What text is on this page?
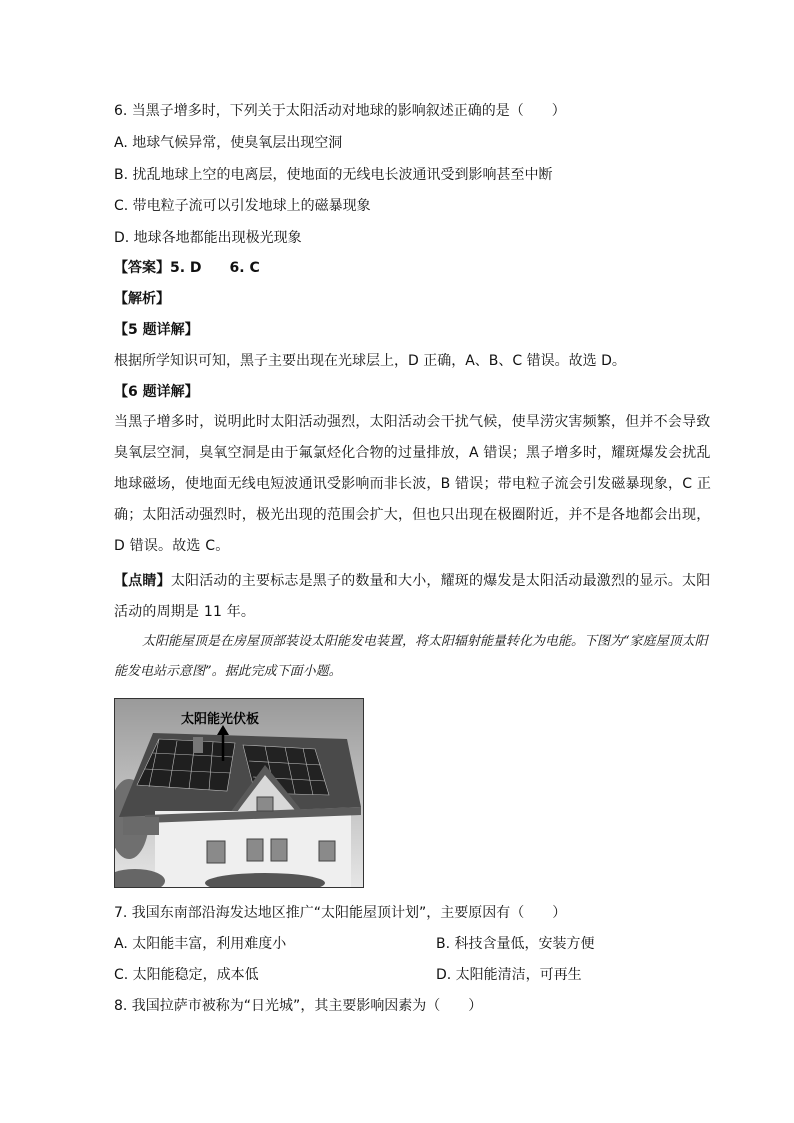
6. 当黑子增多时，下列关于太阳活动对地球的影响叙述正确的是（　　）
A. 地球气候异常，使臭氧层出现空洞
B. 扰乱地球上空的电离层，使地面的无线电长波通讯受到影响甚至中断
C. 带电粒子流可以引发地球上的磁暴现象
D. 地球各地都能出现极光现象
【答案】5. D　　6. C
【解析】
【5 题详解】
根据所学知识可知，黑子主要出现在光球层上，D 正确，A、B、C 错误。故选 D。
【6 题详解】
当黑子增多时，说明此时太阳活动强烈，太阳活动会干扰气候，使旱涝灾害频繁，但并不会导致臭氧层空洞，臭氧空洞是由于氟氯烃化合物的过量排放，A 错误；黑子增多时，耀斑爆发会扰乱地球磁场，使地面无线电短波通讯受影响而非长波，B 错误；带电粒子流会引发磁暴现象，C 正确；太阳活动强烈时，极光出现的范围会扩大，但也只出现在极圈附近，并不是各地都会出现，D 错误。故选 C。
【点睛】太阳活动的主要标志是黑子的数量和大小，耀斑的爆发是太阳活动最激烈的显示。太阳活动的周期是 11 年。
太阳能屋顶是在房屋顶部装设太阳能发电装置，将太阳辐射能量转化为电能。下图为“家庭屋顶太阳能发电站示意图”。据此完成下面小题。
太阳能光伏板
7. 我国东南部沿海发达地区推广“太阳能屋顶计划”，主要原因有（　　）
A. 太阳能丰富，利用难度小	B. 科技含量低，安装方便
C. 太阳能稳定，成本低	D. 太阳能清洁，可再生
8. 我国拉萨市被称为“日光城”，其主要影响因素为（　　）
